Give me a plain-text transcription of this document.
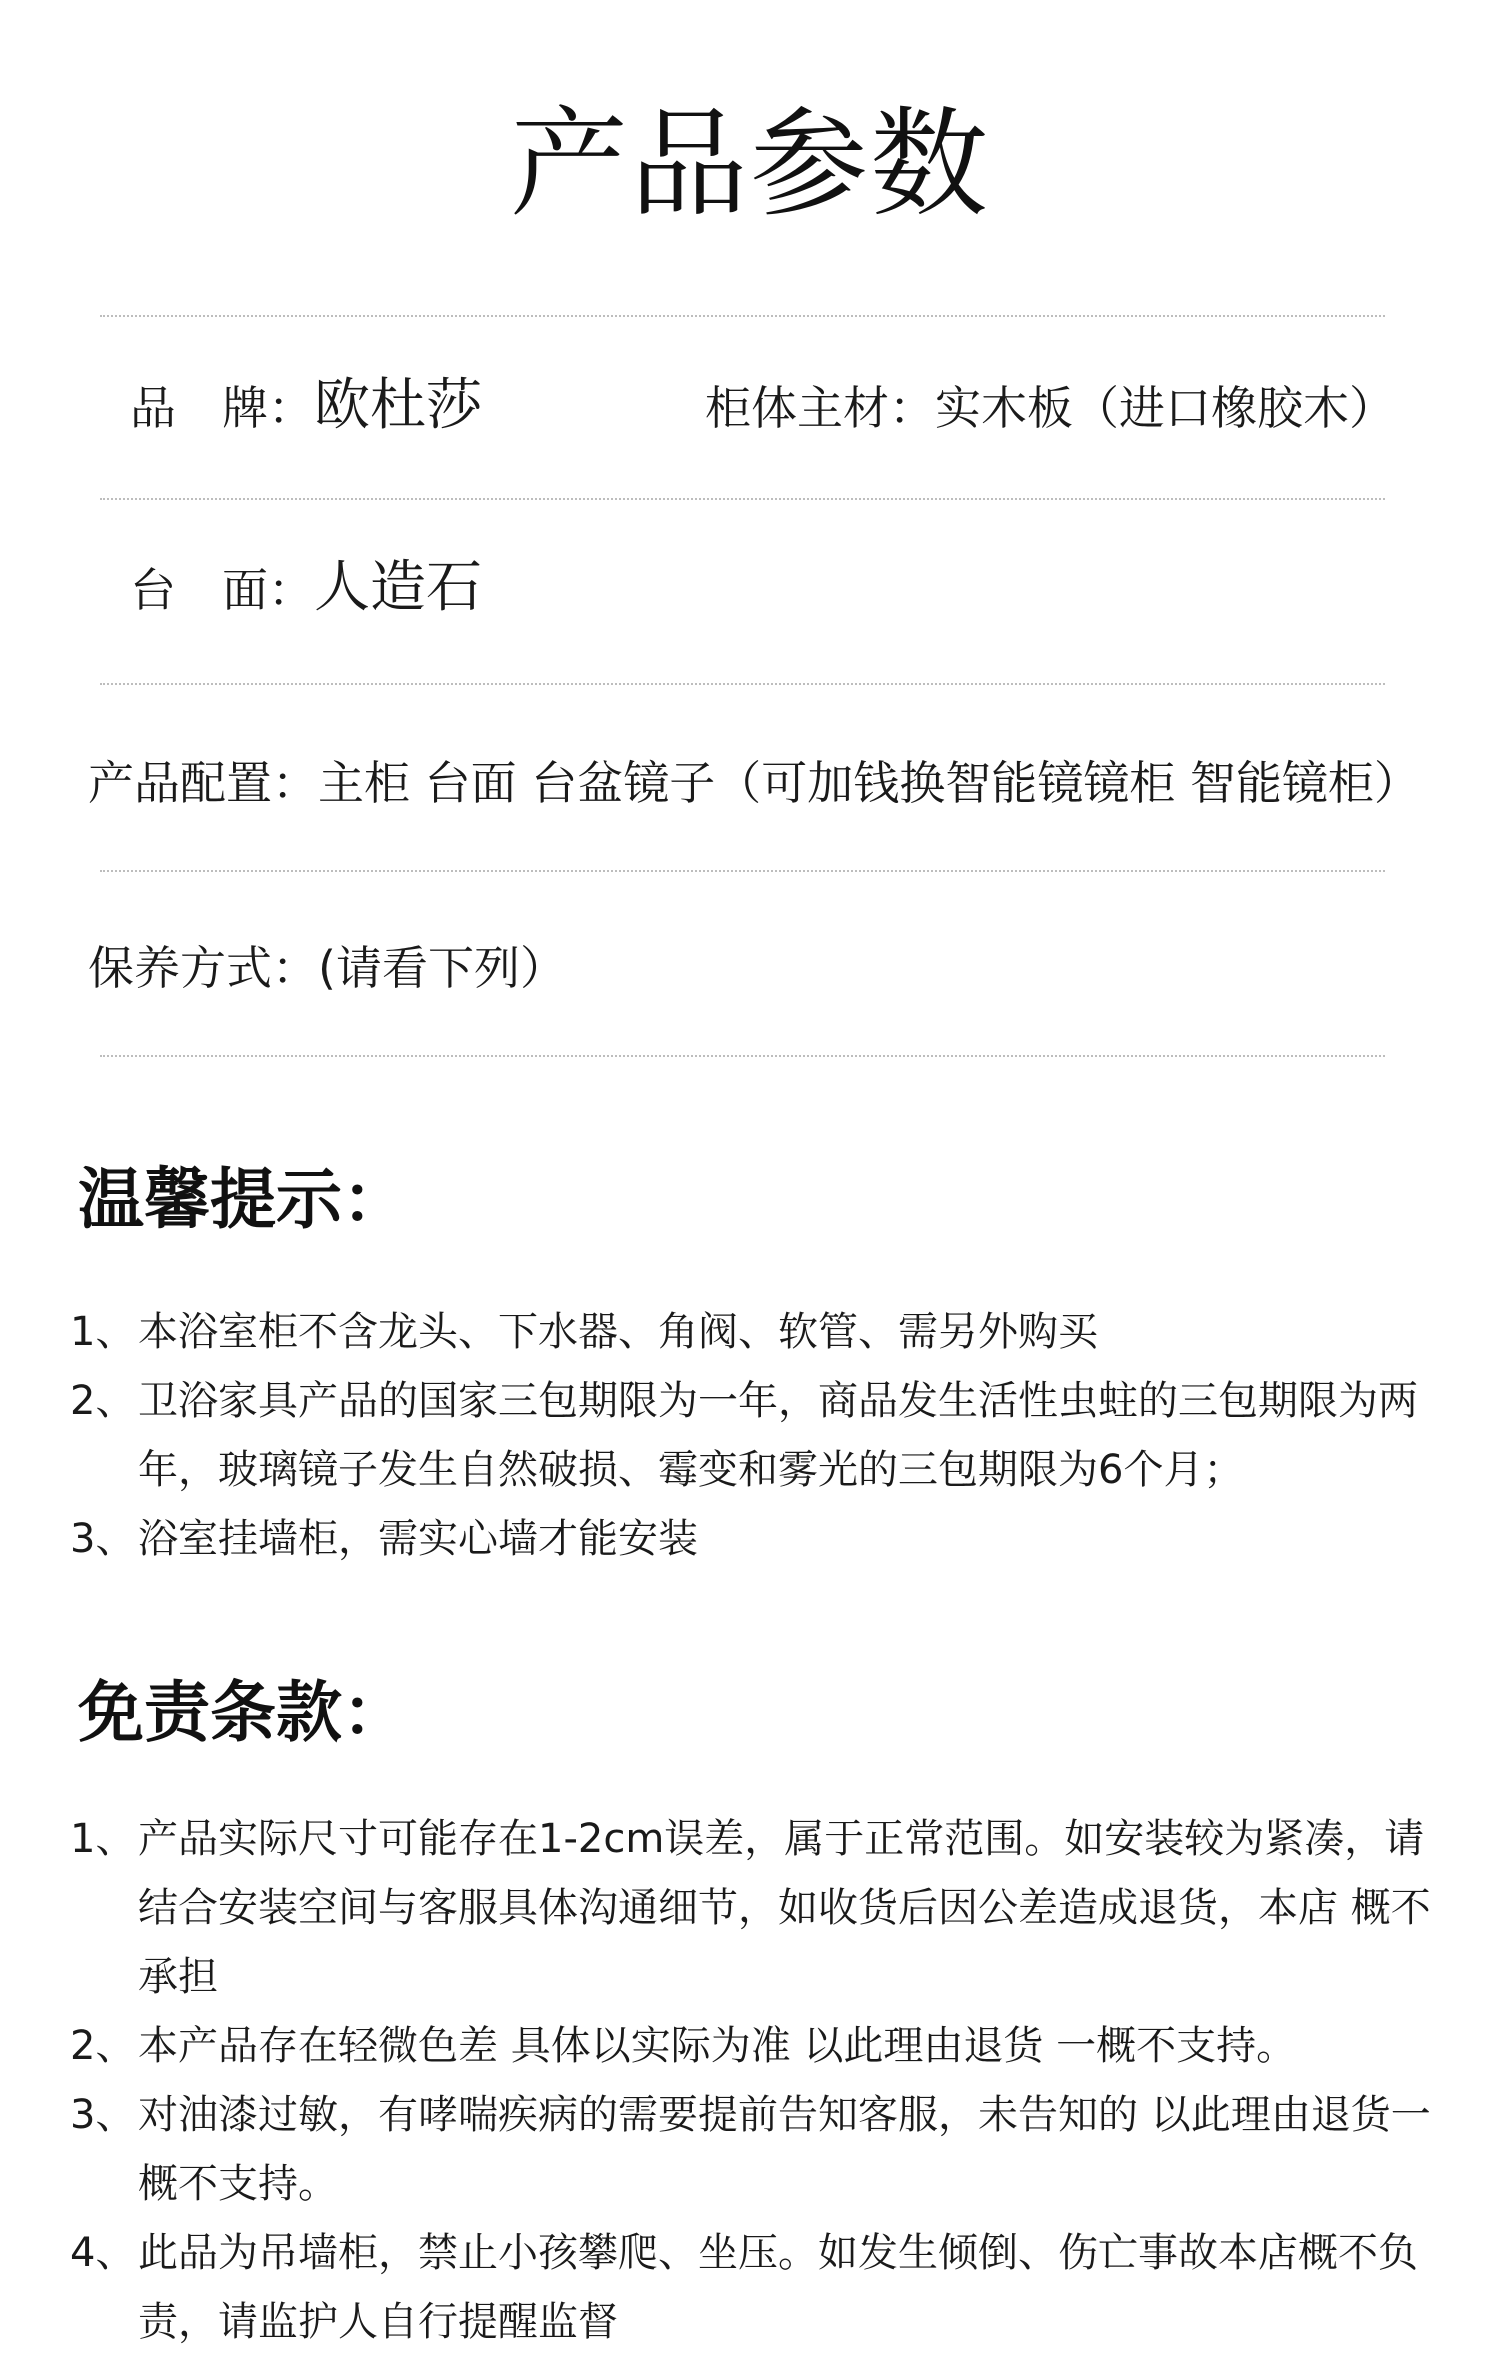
产品参数
品　牌：欧杜莎	柜体主材：实木板（进口橡胶木）
台　面：人造石
产品配置：主柜 台面 台盆镜子（可加钱换智能镜镜柜 智能镜柜）
保养方式：(请看下列）
温馨提示：
1、 本浴室柜不含龙头、下水器、角阀、软管、需另外购买
2、 卫浴家具产品的国家三包期限为一年，商品发生活性虫蛀的三包期限为两年，玻璃镜子发生自然破损、霉变和雾光的三包期限为6个月；
3、 浴室挂墙柜，需实心墙才能安装
免责条款：
1、 产品实际尺寸可能存在1-2cm误差，属于正常范围。如安装较为紧凑，请结合安装空间与客服具体沟通细节，如收货后因公差造成退货，本店 概不承担
2、 本产品存在轻微色差 具体以实际为准 以此理由退货 一概不支持。
3、 对油漆过敏，有哮喘疾病的需要提前告知客服，未告知的 以此理由退货一概不支持。
4、 此品为吊墙柜，禁止小孩攀爬、坐压。如发生倾倒、伤亡事故本店概不负责，请监护人自行提醒监督
